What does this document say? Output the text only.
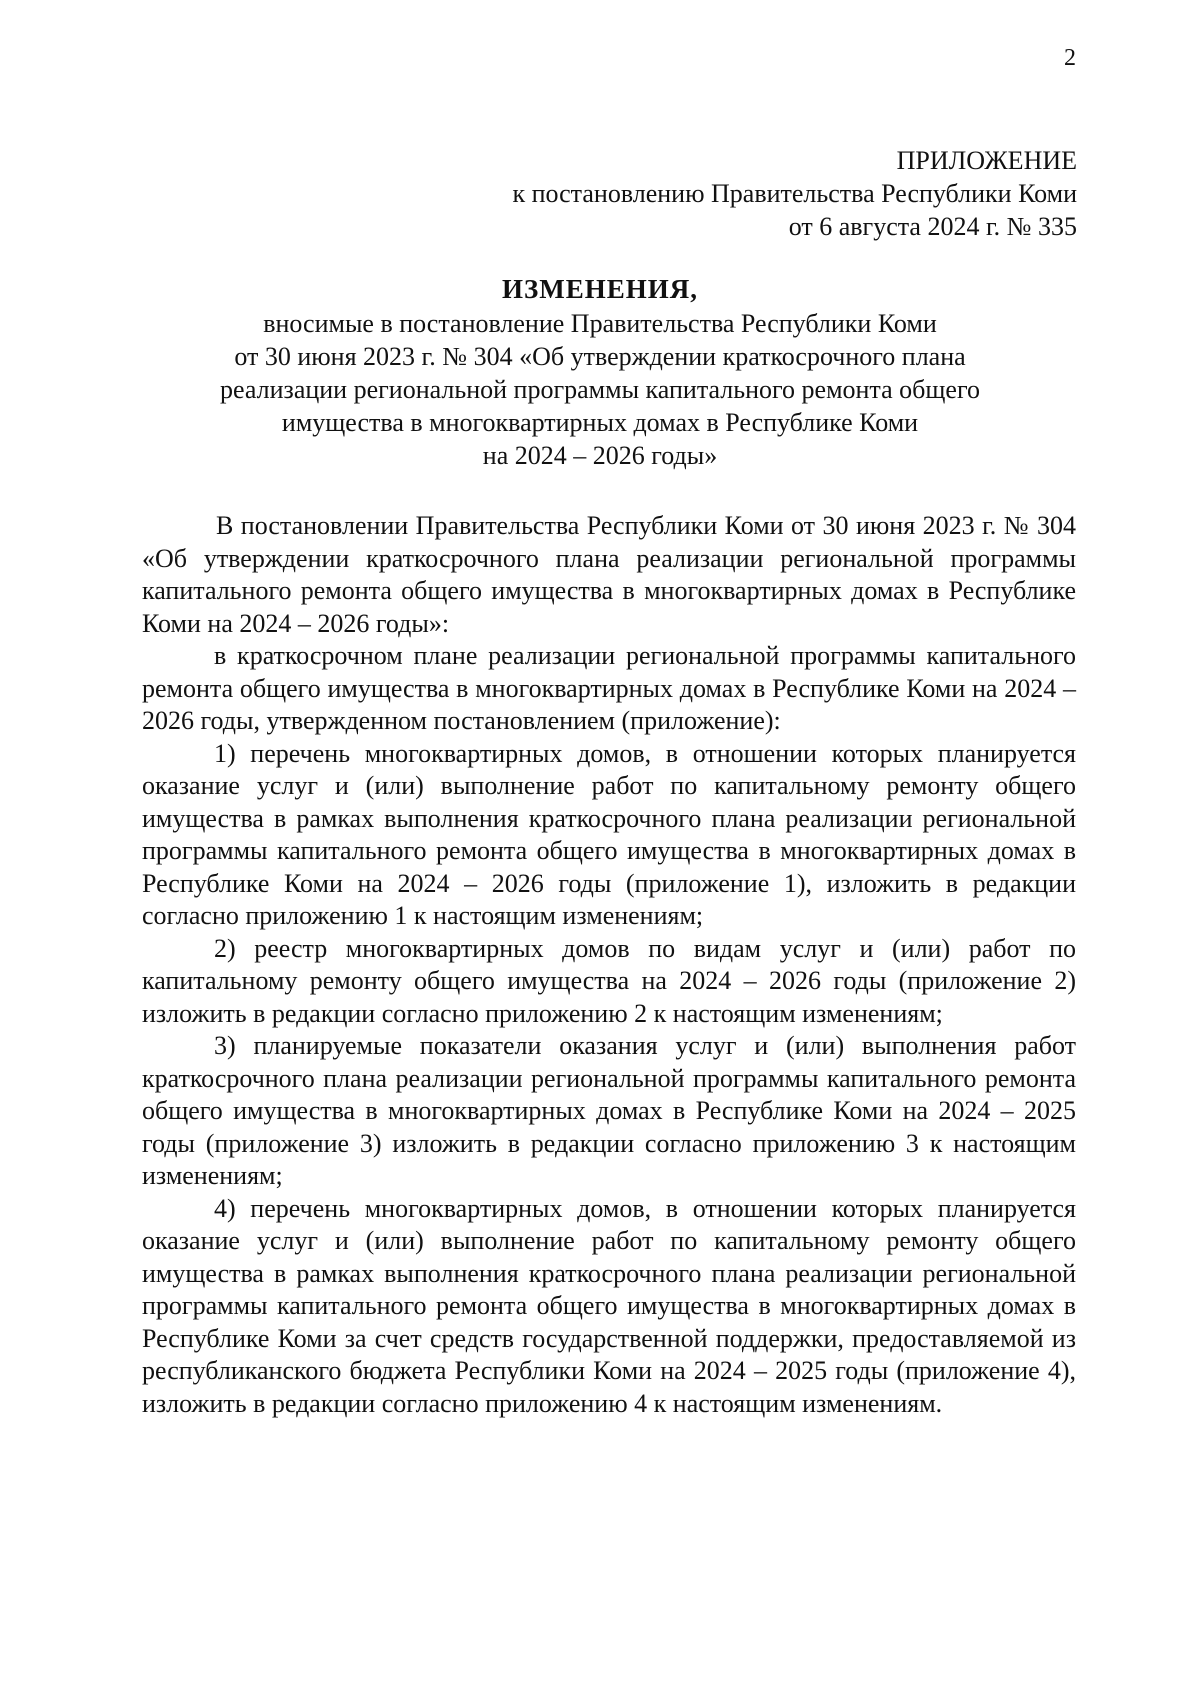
2
ПРИЛОЖЕНИЕ
к постановлению Правительства Республики Коми
от 6 августа 2024 г. № 335
ИЗМЕНЕНИЯ,
вносимые в постановление Правительства Республики Коми
от 30 июня 2023 г. № 304 «Об утверждении краткосрочного плана
реализации региональной программы капитального ремонта общего
имущества в многоквартирных домах в Республике Коми
на 2024 – 2026 годы»

В постановлении Правительства Республики Коми от 30 июня 2023 г. № 304 «Об утверждении краткосрочного плана реализации региональной программы капитального ремонта общего имущества в многоквартирных домах в Республике Коми на 2024 – 2026 годы»:

в краткосрочном плане реализации региональной программы капитального ремонта общего имущества в многоквартирных домах в Республике Коми на 2024 – 2026 годы, утвержденном постановлением (приложение):

1) перечень многоквартирных домов, в отношении которых планируется оказание услуг и (или) выполнение работ по капитальному ремонту общего имущества в рамках выполнения краткосрочного плана реализации региональной программы капитального ремонта общего имущества в многоквартирных домах в Республике Коми на 2024 – 2026 годы (приложение 1), изложить в редакции согласно приложению 1 к настоящим изменениям;

2) реестр многоквартирных домов по видам услуг и (или) работ по капитальному ремонту общего имущества на 2024 – 2026 годы (приложение 2) изложить в редакции согласно приложению 2 к настоящим изменениям;

3) планируемые показатели оказания услуг и (или) выполнения работ краткосрочного плана реализации региональной программы капитального ремонта общего имущества в многоквартирных домах в Республике Коми на 2024 – 2025 годы (приложение 3) изложить в редакции согласно приложению 3 к настоящим изменениям;

4) перечень многоквартирных домов, в отношении которых планируется оказание услуг и (или) выполнение работ по капитальному ремонту общего имущества в рамках выполнения краткосрочного плана реализации региональной программы капитального ремонта общего имущества в многоквартирных домах в Республике Коми за счет средств государственной поддержки, предоставляемой из республиканского бюджета Республики Коми на 2024 – 2025 годы (приложение 4), изложить в редакции согласно приложению 4 к настоящим изменениям.
